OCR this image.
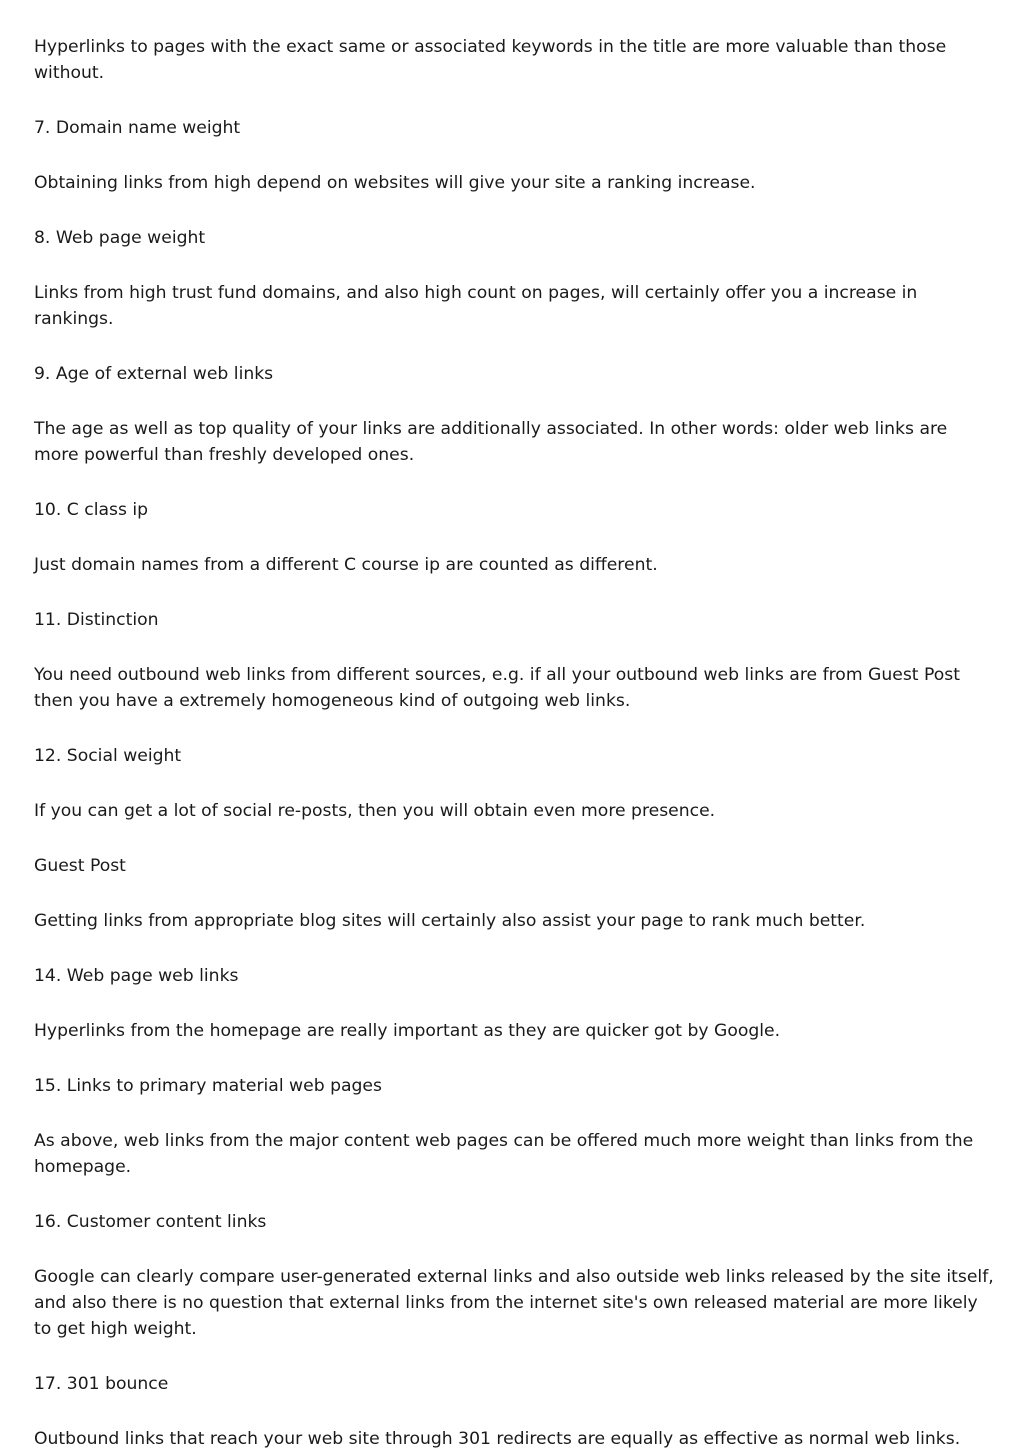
Hyperlinks to pages with the exact same or associated keywords in the title are more valuable than those without.

7. Domain name weight

Obtaining links from high depend on websites will give your site a ranking increase.

8. Web page weight

Links from high trust fund domains, and also high count on pages, will certainly offer you a increase in rankings.

9. Age of external web links

The age as well as top quality of your links are additionally associated. In other words: older web links are more powerful than freshly developed ones.

10. C class ip

Just domain names from a different C course ip are counted as different.

11. Distinction

You need outbound web links from different sources, e.g. if all your outbound web links are from Guest Post then you have a extremely homogeneous kind of outgoing web links.

12. Social weight

If you can get a lot of social re-posts, then you will obtain even more presence.

Guest Post

Getting links from appropriate blog sites will certainly also assist your page to rank much better.

14. Web page web links

Hyperlinks from the homepage are really important as they are quicker got by Google.

15. Links to primary material web pages

As above, web links from the major content web pages can be offered much more weight than links from the homepage.

16. Customer content links

Google can clearly compare user-generated external links and also outside web links released by the site itself, and also there is no question that external links from the internet site's own released material are more likely to get high weight.

17. 301 bounce

Outbound links that reach your web site through 301 redirects are equally as effective as normal web links.
